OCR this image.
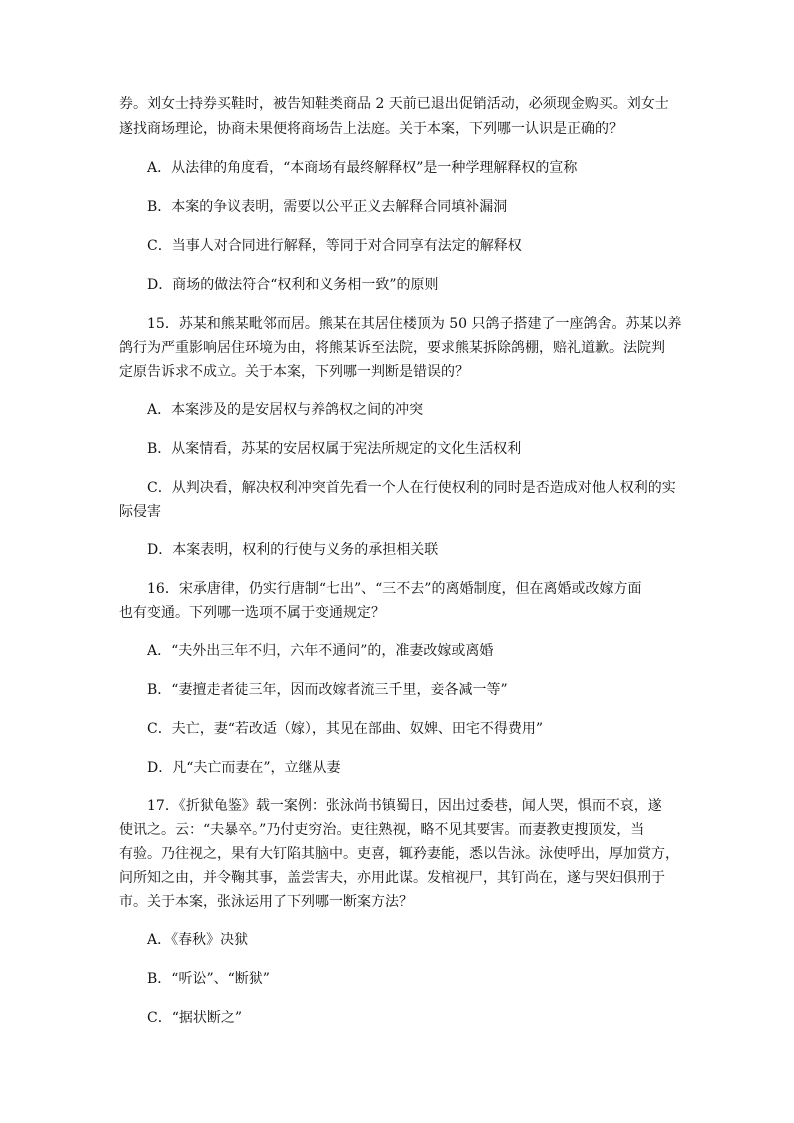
券。刘女士持券买鞋时，被告知鞋类商品 2 天前已退出促销活动，必须现金购买。刘女士
遂找商场理论，协商未果便将商场告上法庭。关于本案，下列哪一认识是正确的？
A．从法律的角度看，“本商场有最终解释权”是一种学理解释权的宣称
B．本案的争议表明，需要以公平正义去解释合同填补漏洞
C．当事人对合同进行解释，等同于对合同享有法定的解释权
D．商场的做法符合“权利和义务相一致”的原则
15．苏某和熊某毗邻而居。熊某在其居住楼顶为 50 只鸽子搭建了一座鸽舍。苏某以养
鸽行为严重影响居住环境为由，将熊某诉至法院，要求熊某拆除鸽棚，赔礼道歉。法院判
定原告诉求不成立。关于本案，下列哪一判断是错误的？
A．本案涉及的是安居权与养鸽权之间的冲突
B．从案情看，苏某的安居权属于宪法所规定的文化生活权利
C．从判决看，解决权利冲突首先看一个人在行使权利的同时是否造成对他人权利的实
际侵害
D．本案表明，权利的行使与义务的承担相关联
16．宋承唐律，仍实行唐制“七出”、“三不去”的离婚制度，但在离婚或改嫁方面
也有变通。下列哪一选项不属于变通规定？
A．“夫外出三年不归，六年不通问”的，准妻改嫁或离婚
B．“妻擅走者徒三年，因而改嫁者流三千里，妾各减一等”
C．夫亡，妻“若改适（嫁），其见在部曲、奴婢、田宅不得费用”
D．凡“夫亡而妻在”，立继从妻
17．《折狱龟鉴》载一案例：张泳尚书镇蜀日，因出过委巷，闻人哭，惧而不哀，遂
使讯之。云：“夫暴卒。”乃付吏穷治。吏往熟视，略不见其要害。而妻教吏搜顶发，当
有验。乃往视之，果有大钉陷其脑中。吏喜，辄矜妻能，悉以告泳。泳使呼出，厚加赏方，
问所知之由，并令鞠其事，盖尝害夫，亦用此谋。发棺视尸，其钉尚在，遂与哭妇俱刑于
市。关于本案，张泳运用了下列哪一断案方法？
A．《春秋》决狱
B．“听讼”、“断狱”
C．“据状断之”
